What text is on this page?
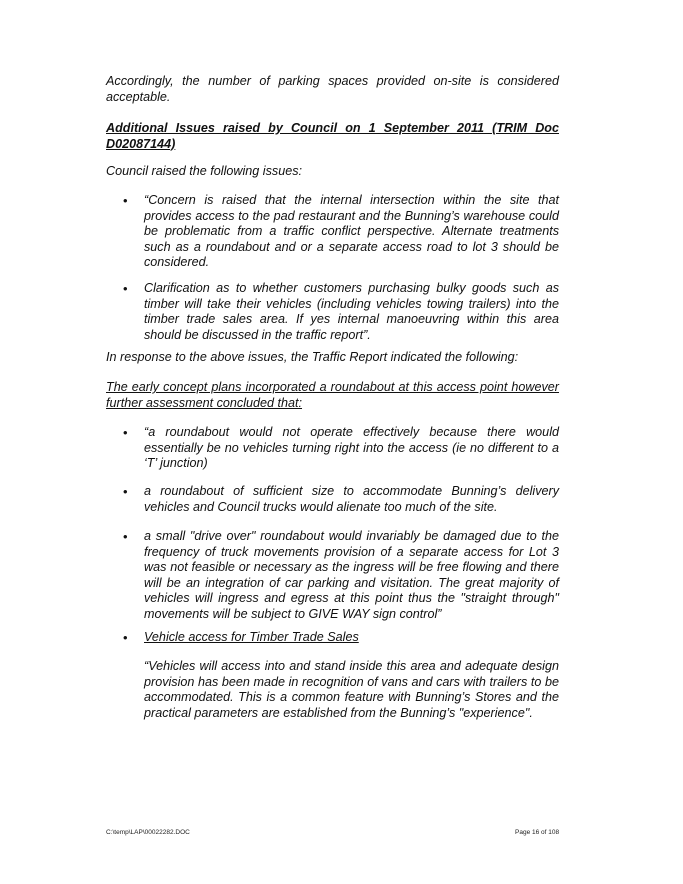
Accordingly, the number of parking spaces provided on-site is considered acceptable.

Additional Issues raised by Council on 1 September 2011 (TRIM Doc D02087144)

Council raised the following issues:

• “Concern is raised that the internal intersection within the site that provides access to the pad restaurant and the Bunning’s warehouse could be problematic from a traffic conflict perspective. Alternate treatments such as a roundabout and or a separate access road to lot 3 should be considered.

• Clarification as to whether customers purchasing bulky goods such as timber will take their vehicles (including vehicles towing trailers) into the timber trade sales area. If yes internal manoeuvring within this area should be discussed in the traffic report”.

In response to the above issues, the Traffic Report indicated the following:

The early concept plans incorporated a roundabout at this access point however further assessment concluded that:

• “a roundabout would not operate effectively because there would essentially be no vehicles turning right into the access (ie no different to a ‘T’ junction)

• a roundabout of sufficient size to accommodate Bunning’s delivery vehicles and Council trucks would alienate too much of the site.

• a small "drive over" roundabout would invariably be damaged due to the frequency of truck movements provision of a separate access for Lot 3 was not feasible or necessary as the ingress will be free flowing and there will be an integration of car parking and visitation. The great majority of vehicles will ingress and egress at this point thus the "straight through" movements will be subject to GIVE WAY sign control”

• Vehicle access for Timber Trade Sales

“Vehicles will access into and stand inside this area and adequate design provision has been made in recognition of vans and cars with trailers to be accommodated. This is a common feature with Bunning’s Stores and the practical parameters are established from the Bunning’s "experience".

C:\temp\LAP\00022282.DOC	Page 16 of 108
